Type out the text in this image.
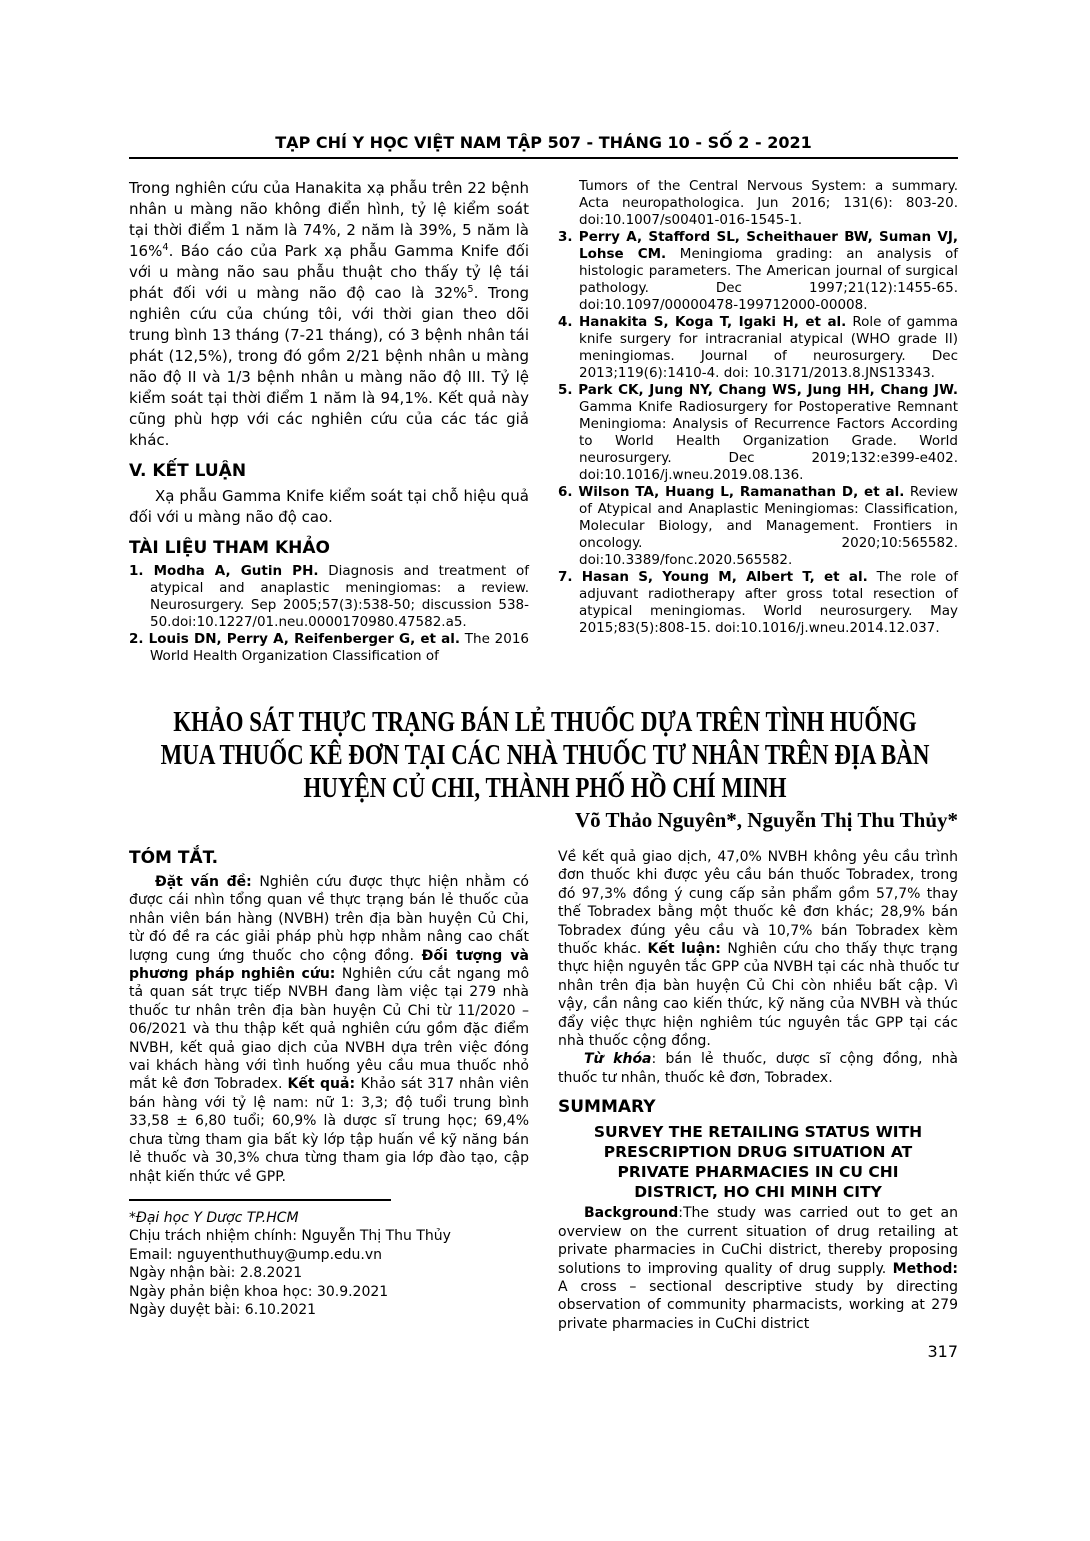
TẠP CHÍ Y HỌC VIỆT NAM TẬP 507 - THÁNG 10 - SỐ 2 - 2021

Trong nghiên cứu của Hanakita xạ phẫu trên 22 bệnh nhân u màng não không điển hình, tỷ lệ kiểm soát tại thời điểm 1 năm là 74%, 2 năm là 39%, 5 năm là 16%$^4$. Báo cáo của Park xạ phẫu Gamma Knife đối với u màng não sau phẫu thuật cho thấy tỷ lệ tái phát đối với u màng não độ cao là 32%$^5$. Trong nghiên cứu của chúng tôi, với thời gian theo dõi trung bình 13 tháng (7-21 tháng), có 3 bệnh nhân tái phát (12,5%), trong đó gồm 2/21 bệnh nhân u màng não độ II và 1/3 bệnh nhân u màng não độ III. Tỷ lệ kiểm soát tại thời điểm 1 năm là 94,1%. Kết quả này cũng phù hợp với các nghiên cứu của các tác giả khác.

V. KẾT LUẬN

Xạ phẫu Gamma Knife kiểm soát tại chỗ hiệu quả đối với u màng não độ cao.

TÀI LIỆU THAM KHẢO
1. Modha A, Gutin PH. Diagnosis and treatment of atypical and anaplastic meningiomas: a review. Neurosurgery. Sep 2005;57(3):538-50; discussion 538-50.doi:10.1227/01.neu.0000170980.47582.a5.
2. Louis DN, Perry A, Reifenberger G, et al. The 2016 World Health Organization Classification of
Tumors of the Central Nervous System: a summary. Acta neuropathologica. Jun 2016; 131(6): 803-20. doi:10.1007/s00401-016-1545-1.
3. Perry A, Stafford SL, Scheithauer BW, Suman VJ, Lohse CM. Meningioma grading: an analysis of histologic parameters. The American journal of surgical pathology. Dec 1997;21(12):1455-65. doi:10.1097/00000478-199712000-00008.
4. Hanakita S, Koga T, Igaki H, et al. Role of gamma knife surgery for intracranial atypical (WHO grade II) meningiomas. Journal of neurosurgery. Dec 2013;119(6):1410-4. doi: 10.3171/2013.8.JNS13343.
5. Park CK, Jung NY, Chang WS, Jung HH, Chang JW. Gamma Knife Radiosurgery for Postoperative Remnant Meningioma: Analysis of Recurrence Factors According to World Health Organization Grade. World neurosurgery. Dec 2019;132:e399-e402. doi:10.1016/j.wneu.2019.08.136.
6. Wilson TA, Huang L, Ramanathan D, et al. Review of Atypical and Anaplastic Meningiomas: Classification, Molecular Biology, and Management. Frontiers in oncology. 2020;10:565582. doi:10.3389/fonc.2020.565582.
7. Hasan S, Young M, Albert T, et al. The role of adjuvant radiotherapy after gross total resection of atypical meningiomas. World neurosurgery. May 2015;83(5):808-15. doi:10.1016/j.wneu.2014.12.037.
KHẢO SÁT THỰC TRẠNG BÁN LẺ THUỐC DỰA TRÊN TÌNH HUỐNG
MUA THUỐC KÊ ĐƠN TẠI CÁC NHÀ THUỐC TƯ NHÂN TRÊN ĐỊA BÀN
HUYỆN CỦ CHI, THÀNH PHỐ HỒ CHÍ MINH
Võ Thảo Nguyên*, Nguyễn Thị Thu Thủy*
TÓM TẮT.

Đặt vấn đề: Nghiên cứu được thực hiện nhằm có được cái nhìn tổng quan về thực trạng bán lẻ thuốc của nhân viên bán hàng (NVBH) trên địa bàn huyện Củ Chi, từ đó đề ra các giải pháp phù hợp nhằm nâng cao chất lượng cung ứng thuốc cho cộng đồng. Đối tượng và phương pháp nghiên cứu: Nghiên cứu cắt ngang mô tả quan sát trực tiếp NVBH đang làm việc tại 279 nhà thuốc tư nhân trên địa bàn huyện Củ Chi từ 11/2020 – 06/2021 và thu thập kết quả nghiên cứu gồm đặc điểm NVBH, kết quả giao dịch của NVBH dựa trên việc đóng vai khách hàng với tình huống yêu cầu mua thuốc nhỏ mắt kê đơn Tobradex. Kết quả: Khảo sát 317 nhân viên bán hàng với tỷ lệ nam: nữ 1: 3,3; độ tuổi trung bình 33,58 ± 6,80 tuổi; 60,9% là dược sĩ trung học; 69,4% chưa từng tham gia bất kỳ lớp tập huấn về kỹ năng bán lẻ thuốc và 30,3% chưa từng tham gia lớp đào tạo, cập nhật kiến thức về GPP.

*Đại học Y Dược TP.HCM
Chịu trách nhiệm chính: Nguyễn Thị Thu Thủy
Email: nguyenthuthuy@ump.edu.vn
Ngày nhận bài: 2.8.2021
Ngày phản biện khoa học: 30.9.2021
Ngày duyệt bài: 6.10.2021

Về kết quả giao dịch, 47,0% NVBH không yêu cầu trình đơn thuốc khi được yêu cầu bán thuốc Tobradex, trong đó 97,3% đồng ý cung cấp sản phẩm gồm 57,7% thay thế Tobradex bằng một thuốc kê đơn khác; 28,9% bán Tobradex đúng yêu cầu và 10,7% bán Tobradex kèm thuốc khác. Kết luận: Nghiên cứu cho thấy thực trạng thực hiện nguyên tắc GPP của NVBH tại các nhà thuốc tư nhân trên địa bàn huyện Củ Chi còn nhiều bất cập. Vì vậy, cần nâng cao kiến thức, kỹ năng của NVBH và thúc đẩy việc thực hiện nghiêm túc nguyên tắc GPP tại các nhà thuốc cộng đồng.

Từ khóa: bán lẻ thuốc, dược sĩ cộng đồng, nhà thuốc tư nhân, thuốc kê đơn, Tobradex.

SUMMARY
SURVEY THE RETAILING STATUS WITH
PRESCRIPTION DRUG SITUATION AT
PRIVATE PHARMACIES IN CU CHI
DISTRICT, HO CHI MINH CITY

Background:The study was carried out to get an overview on the current situation of drug retailing at private pharmacies in CuChi district, thereby proposing solutions to improving quality of drug supply. Method: A cross – sectional descriptive study by directing observation of community pharmacists, working at 279 private pharmacies in CuChi district

317
